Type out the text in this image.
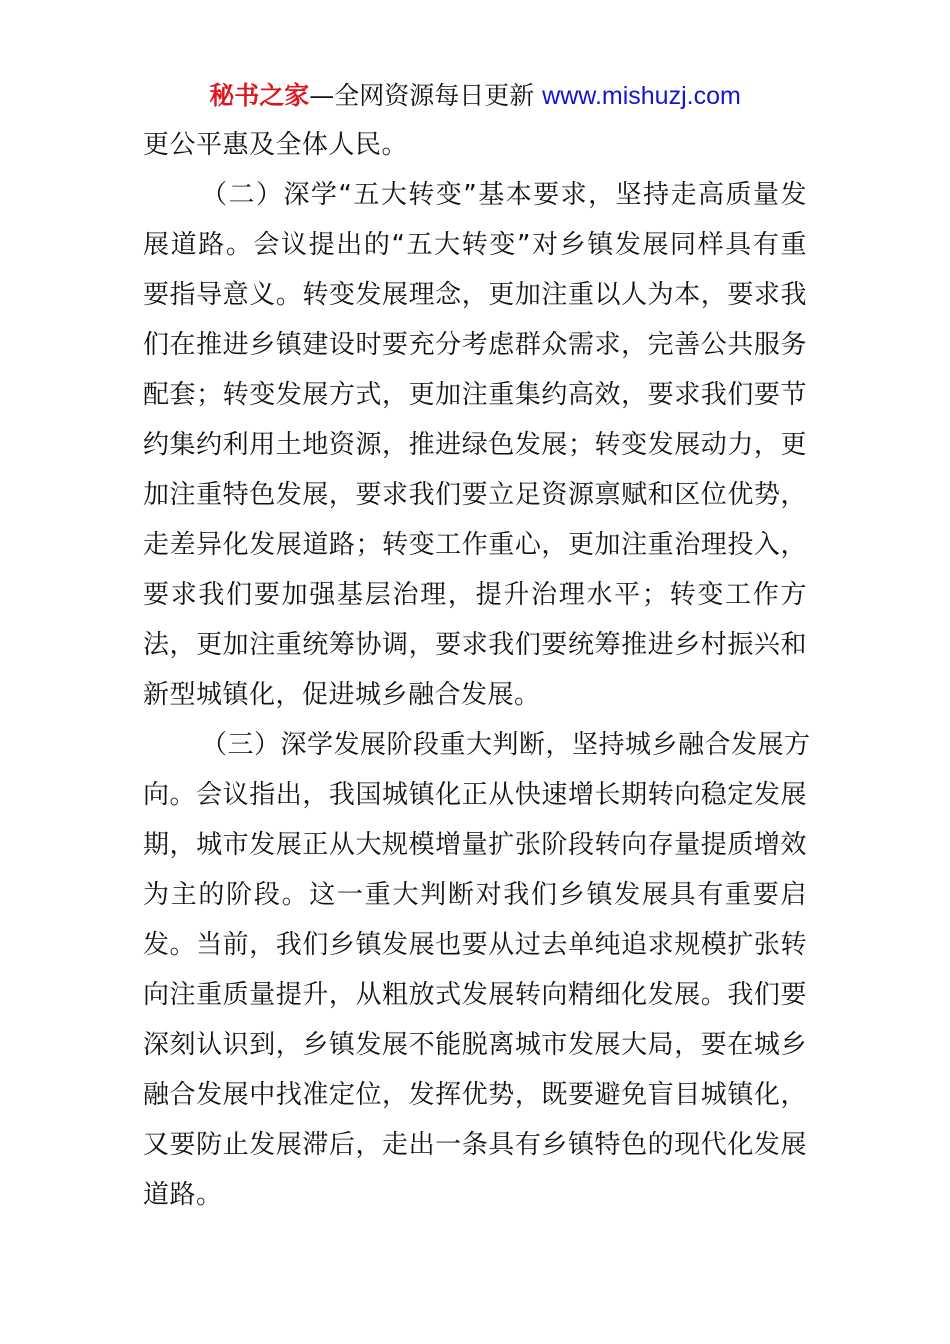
秘书之家—全网资源每日更新 www.mishuzj.com
更公平惠及全体人民。
（二）深学“五大转变”基本要求，坚持走高质量发
展道路。会议提出的“五大转变”对乡镇发展同样具有重
要指导意义。转变发展理念，更加注重以人为本，要求我
们在推进乡镇建设时要充分考虑群众需求，完善公共服务
配套；转变发展方式，更加注重集约高效，要求我们要节
约集约利用土地资源，推进绿色发展；转变发展动力，更
加注重特色发展，要求我们要立足资源禀赋和区位优势，
走差异化发展道路；转变工作重心，更加注重治理投入，
要求我们要加强基层治理，提升治理水平；转变工作方
法，更加注重统筹协调，要求我们要统筹推进乡村振兴和
新型城镇化，促进城乡融合发展。
（三）深学发展阶段重大判断，坚持城乡融合发展方
向。会议指出，我国城镇化正从快速增长期转向稳定发展
期，城市发展正从大规模增量扩张阶段转向存量提质增效
为主的阶段。这一重大判断对我们乡镇发展具有重要启
发。当前，我们乡镇发展也要从过去单纯追求规模扩张转
向注重质量提升，从粗放式发展转向精细化发展。我们要
深刻认识到，乡镇发展不能脱离城市发展大局，要在城乡
融合发展中找准定位，发挥优势，既要避免盲目城镇化，
又要防止发展滞后，走出一条具有乡镇特色的现代化发展
道路。
